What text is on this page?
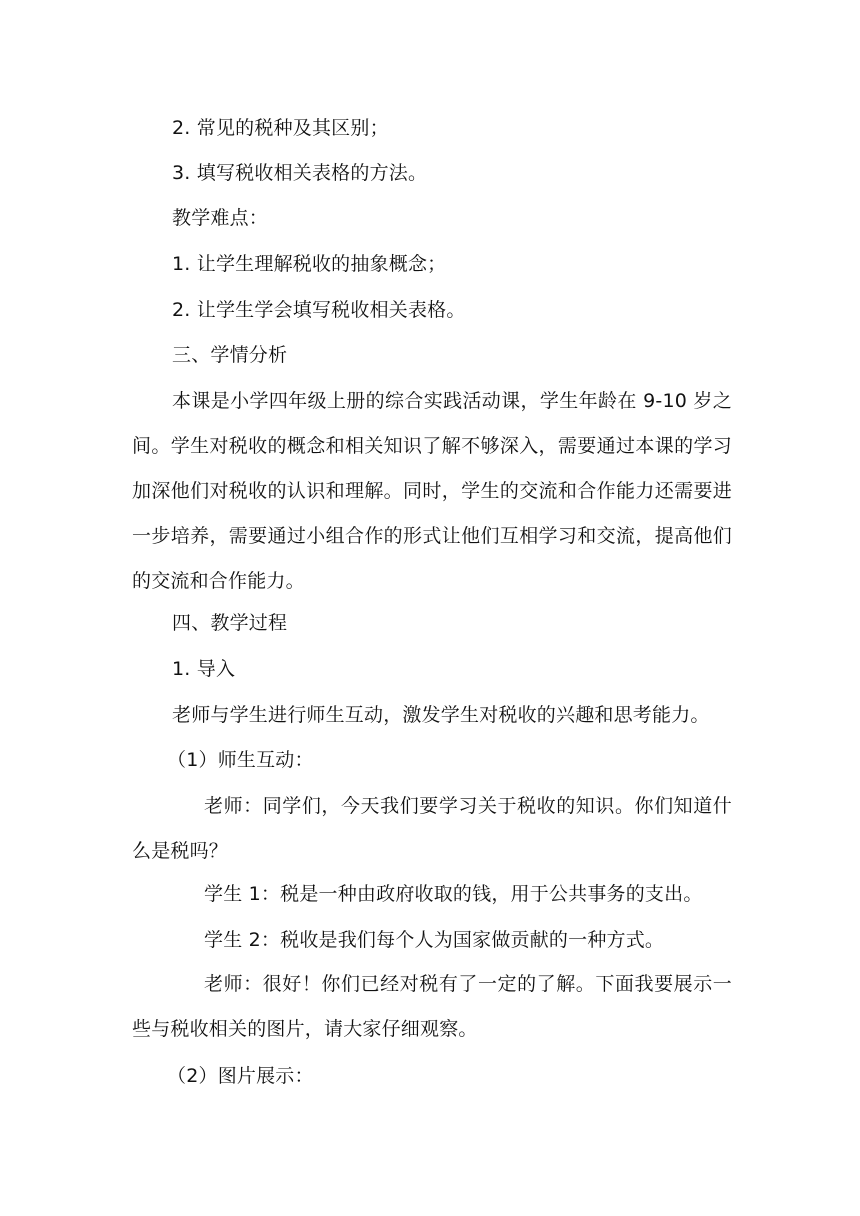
2. 常见的税种及其区别；
3. 填写税收相关表格的方法。
教学难点：
1. 让学生理解税收的抽象概念；
2. 让学生学会填写税收相关表格。
三、学情分析
本课是小学四年级上册的综合实践活动课，学生年龄在 9-10 岁之间。学生对税收的概念和相关知识了解不够深入，需要通过本课的学习加深他们对税收的认识和理解。同时，学生的交流和合作能力还需要进一步培养，需要通过小组合作的形式让他们互相学习和交流，提高他们的交流和合作能力。
四、教学过程
1. 导入
老师与学生进行师生互动，激发学生对税收的兴趣和思考能力。
（1）师生互动：
老师：同学们，今天我们要学习关于税收的知识。你们知道什么是税吗？
学生 1：税是一种由政府收取的钱，用于公共事务的支出。
学生 2：税收是我们每个人为国家做贡献的一种方式。
老师：很好！你们已经对税有了一定的了解。下面我要展示一些与税收相关的图片，请大家仔细观察。
（2）图片展示：
